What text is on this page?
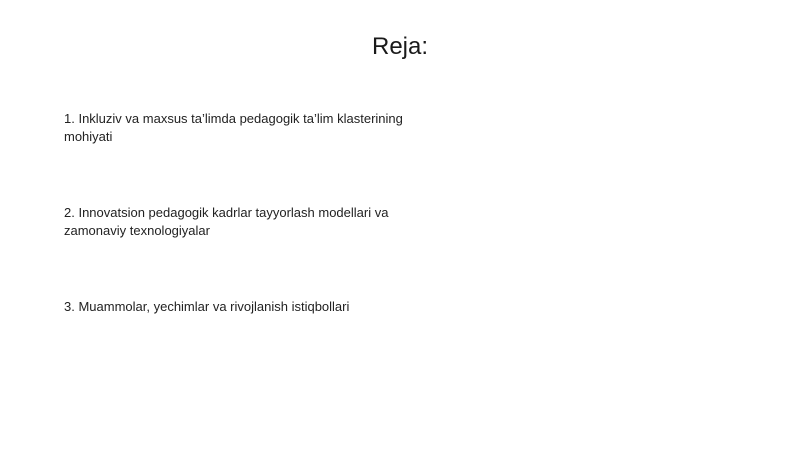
Reja:
1. Inkluziv va maxsus ta’limda pedagogik ta’lim klasterining mohiyati
2. Innovatsion pedagogik kadrlar tayyorlash modellari va zamonaviy texnologiyalar
3. Muammolar, yechimlar va rivojlanish istiqbollari
